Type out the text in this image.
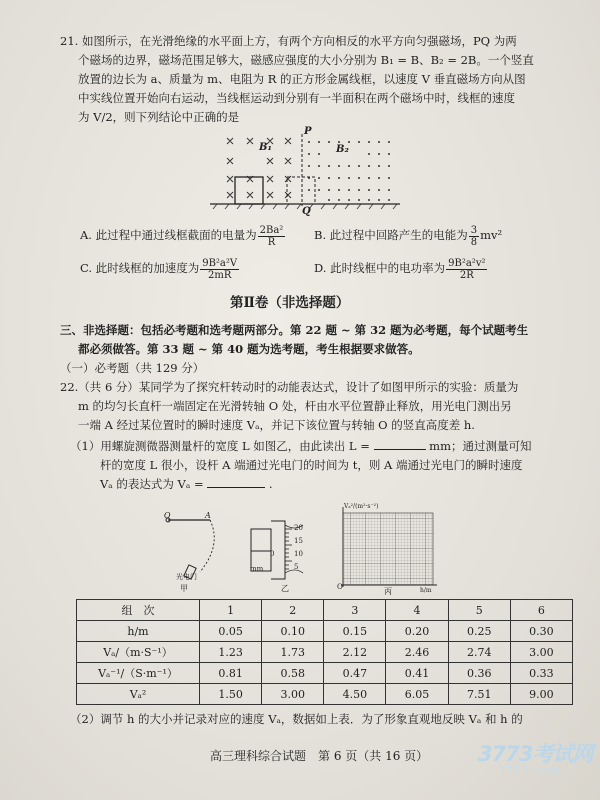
21. 如图所示，在光滑绝缘的水平面上方，有两个方向相反的水平方向匀强磁场，PQ 为两
个磁场的边界，磁场范围足够大，磁感应强度的大小分别为 B₁ = B、B₂ = 2B。一个竖直
放置的边长为 a、质量为 m、电阻为 R 的正方形金属线框，以速度 V 垂直磁场方向从图
中实线位置开始向右运动，当线框运动到分别有一半面积在两个磁场中时，线框的速度
为 V/2，则下列结论中正确的是
B₁	B₂
P
Q
A. 此过程中通过线框截面的电量为 $\frac{\text{2Ba²}}{R} B$. 此过程中回路产生的电能为 $\frac{3}{8} mv^2$
C. 此时线框的加速度为 $\frac{\text{9B²a²V}}{2mR}$	D. 此时线框中的电功率为 $\frac{\text{9B²a²v²}}{2R}$
第Ⅱ卷（非选择题）
三、非选择题：包括必考题和选考题两部分。第 22 题 ~ 第 32 题为必考题，每个试题考生
都必须做答。第 33 题 ~ 第 40 题为选考题，考生根据要求做答。
（一）必考题（共 129 分）
22.（共 6 分）某同学为了探究杆转动时的动能表达式，设计了如图甲所示的实验：质量为
m 的均匀长直杆一端固定在光滑转轴 O 处，杆由水平位置静止释放，用光电门测出另
一端 A 经过某位置时的瞬时速度 Vₐ，并记下该位置与转轴 O 的竖直高度差 h.
（1）用螺旋测微器测量杆的宽度 L 如图乙，由此读出 L =	mm；通过测量可知
杆的宽度 L 很小，设杆 A 端通过光电门的时间为 t，则 A 端通过光电门的瞬时速度
Vₐ 的表达式为 Vₐ =	.
O	A
光电门
甲
20
15
10
5
0
mm
乙
Vₐ²/(m²·s⁻²)
h/m
O	丙
组　次	1	2	3	4	5	6
h/m	0.05	0.10	0.15	0.20	0.25	0.30
Vₐ/（m·S⁻¹）	1.23	1.73	2.12	2.46	2.74	3.00
Vₐ⁻¹/（S·m⁻¹）	0.81	0.58	0.47	0.41	0.36	0.33
Vₐ²	1.50	3.00	4.50	6.05	7.51	9.00
（2）调节 h 的大小并记录对应的速度 Vₐ，数据如上表．为了形象直观地反映 Vₐ 和 h 的
高三理科综合试题　第 6 页（共 16 页） 3773考试网
3773.com
